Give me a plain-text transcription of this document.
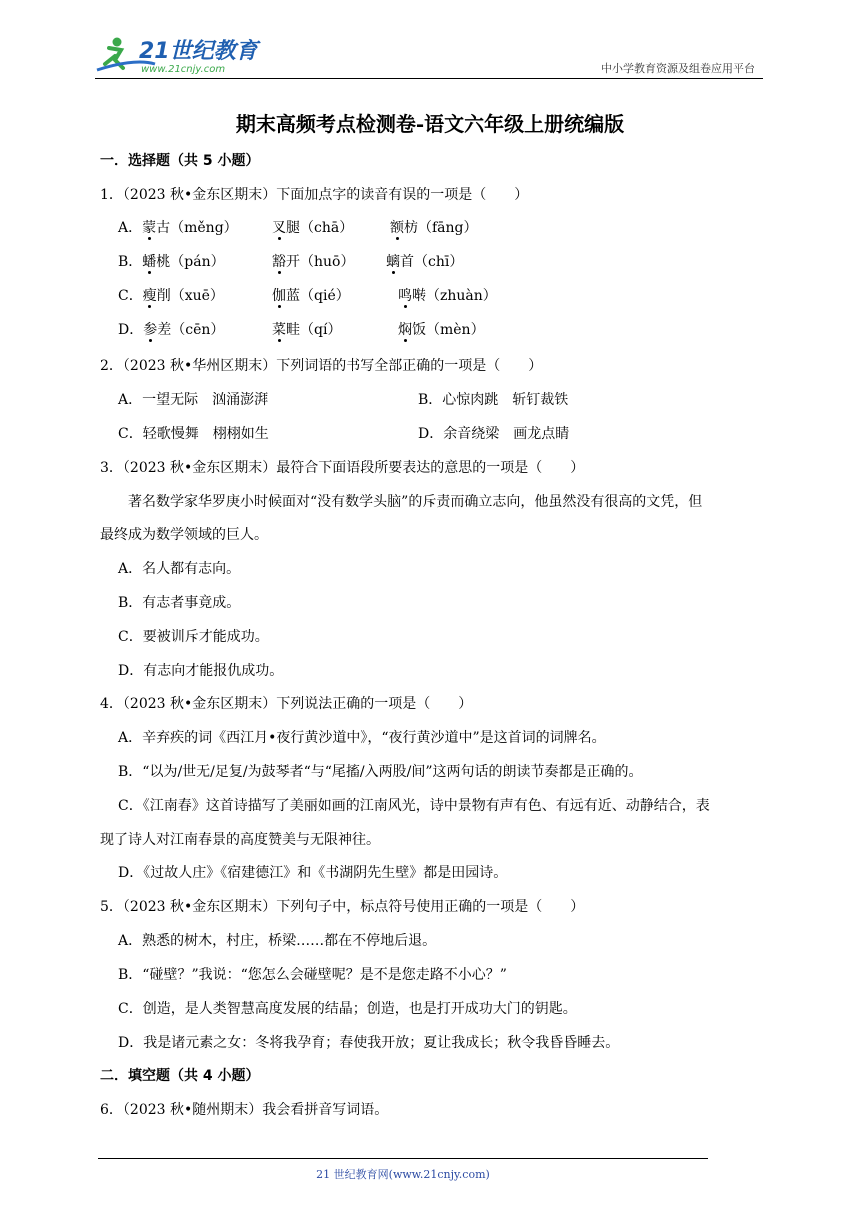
21世纪教育
www.21cnjy.com	中小学教育资源及组卷应用平台
期末高频考点检测卷-语文六年级上册统编版
一．选择题（共 5 小题）
1．（2023 秋•金东区期末）下面加点字的读音有误的一项是（　　）
A．蒙古（měng） 叉腿（chā）	额枋（fāng）
B．蟠桃（pán）	豁开（huō） 螭首（chī）
C．瘦削（xuē）	伽蓝（qié）	鸣啭（zhuàn）
D．参差（cēn）	菜畦（qí）	焖饭（mèn）
2．（2023 秋•华州区期末）下列词语的书写全部正确的一项是（　　）
A．一望无际　汹涌澎湃	B．心惊肉跳　斩钉裁铁
C．轻歌慢舞　栩栩如生	D．余音绕梁　画龙点睛
3．（2023 秋•金东区期末）最符合下面语段所要表达的意思的一项是（　　）
著名数学家华罗庚小时候面对“没有数学头脑”的斥责而确立志向，他虽然没有很高的文凭，但
最终成为数学领域的巨人。
A．名人都有志向。
B．有志者事竟成。
C．要被训斥才能成功。
D．有志向才能报仇成功。
4．（2023 秋•金东区期末）下列说法正确的一项是（　　）
A．辛弃疾的词《西江月•夜行黄沙道中》，“夜行黄沙道中”是这首词的词牌名。
B．“以为/世无/足复/为鼓琴者“与“尾搐/入两股/间”这两句话的朗读节奏都是正确的。
C．《江南春》这首诗描写了美丽如画的江南风光，诗中景物有声有色、有远有近、动静结合，表
现了诗人对江南春景的高度赞美与无限神往。
D．《过故人庄》《宿建德江》和《书湖阴先生壁》都是田园诗。
5．（2023 秋•金东区期末）下列句子中，标点符号使用正确的一项是（　　）
A．熟悉的树木，村庄，桥梁……都在不停地后退。
B．“碰壁？”我说：“您怎么会碰壁呢？是不是您走路不小心？”
C．创造，是人类智慧高度发展的结晶；创造，也是打开成功大门的钥匙。
D．我是诸元素之女：冬将我孕育；春使我开放；夏让我成长；秋令我昏昏睡去。
二．填空题（共 4 小题）
6．（2023 秋•随州期末）我会看拼音写词语。
21 世纪教育网(www.21cnjy.com)
